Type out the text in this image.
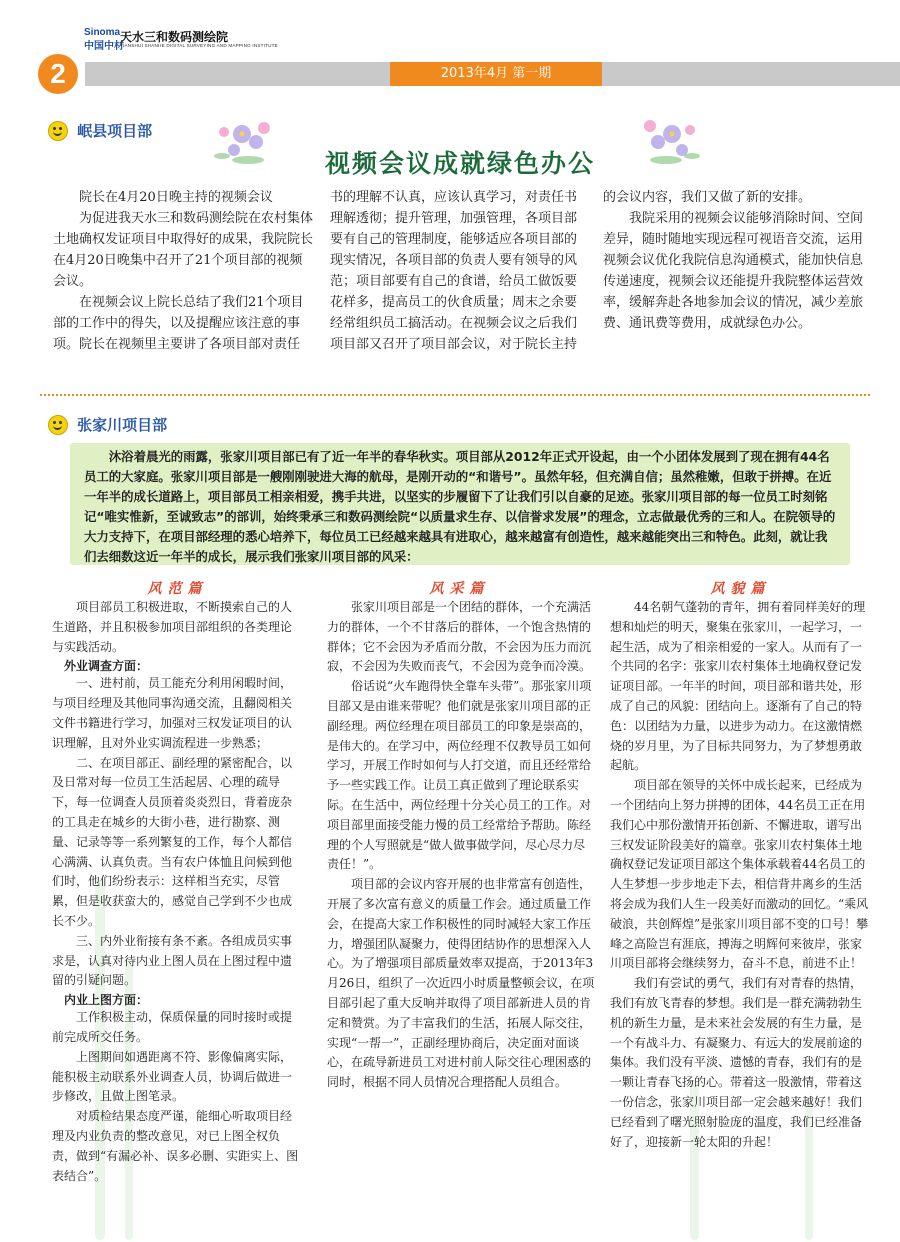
Sinoma
中国中材
天水三和数码测绘院
TIANSHUI SHANHE DIGITAL SURVEYING AND MAPPING INSTITUTE
2013年4月 第一期
2
岷县项目部
视频会议成就绿色办公

院长在4月20日晚主持的视频会议

为促进我天水三和数码测绘院在农村集体土地确权发证项目中取得好的成果，我院院长在4月20日晚集中召开了21个项目部的视频会议。

在视频会议上院长总结了我们21个项目部的工作中的得失，以及提醒应该注意的事项。院长在视频里主要讲了各项目部对责任

书的理解不认真，应该认真学习，对责任书理解透彻；提升管理，加强管理，各项目部要有自己的管理制度，能够适应各项目部的现实情况，各项目部的负责人要有领导的风范；项目部要有自己的食谱，给员工做饭要花样多，提高员工的伙食质量；周末之余要经常组织员工搞活动。在视频会议之后我们项目部又召开了项目部会议，对于院长主持

的会议内容，我们又做了新的安排。

我院采用的视频会议能够消除时间、空间差异，随时随地实现远程可视语音交流，运用视频会议优化我院信息沟通模式，能加快信息传递速度，视频会议还能提升我院整体运营效率，缓解奔赴各地参加会议的情况，减少差旅费、通讯费等费用，成就绿色办公。

张家川项目部

沐浴着晨光的雨露，张家川项目部已有了近一年半的春华秋实。项目部从2012年正式开设起，由一个小团体发展到了现在拥有44名员工的大家庭。张家川项目部是一艘刚刚驶进大海的航母，是刚开动的“和谐号”。虽然年轻，但充满自信；虽然稚嫩，但敢于拼搏。在近一年半的成长道路上，项目部员工相亲相爱，携手共进，以坚实的步履留下了让我们引以自豪的足迹。张家川项目部的每一位员工时刻铭记“唯实惟新，至诚致志”的部训，始终秉承三和数码测绘院“以质量求生存、以信誉求发展”的理念，立志做最优秀的三和人。在院领导的大力支持下，在项目部经理的悉心培养下，每位员工已经越来越具有进取心，越来越富有创造性，越来越能突出三和特色。此刻，就让我们去细数这近一年半的成长，展示我们张家川项目部的风采：

风范篇	风采篇	风貌篇

项目部员工积极进取，不断摸索自己的人生道路，并且积极参加项目部组织的各类理论与实践活动。

外业调查方面：

一、进村前，员工能充分利用闲暇时间，与项目经理及其他同事沟通交流，且翻阅相关文件书籍进行学习，加强对三权发证项目的认识理解，且对外业实调流程进一步熟悉；

二、在项目部正、副经理的紧密配合，以及日常对每一位员工生活起居、心理的疏导下，每一位调查人员顶着炎炎烈日，背着庞杂的工具走在城乡的大街小巷，进行勘察、测量、记录等等一系列繁复的工作，每个人都信心满满、认真负责。当有农户体恤且问候到他们时，他们纷纷表示：这样相当充实，尽管累，但是收获蛮大的，感觉自己学到不少也成长不少。

三、内外业衔接有条不紊。各组成员实事求是，认真对待内业上图人员在上图过程中遗留的引疑问题。

内业上图方面：

工作积极主动，保质保量的同时接时或提前完成所交任务。

上图期间如遇距离不符、影像偏离实际，能积极主动联系外业调查人员，协调后做进一步修改，且做上图笔录。

对质检结果态度严谨，能细心听取项目经理及内业负责的整改意见，对已上图全权负责，做到“有漏必补、误多必删、实距实上、图表结合”。

张家川项目部是一个团结的群体，一个充满活力的群体，一个不甘落后的群体，一个饱含热情的群体；它不会因为矛盾而分散，不会因为压力而沉寂，不会因为失败而丧气，不会因为竞争而冷漠。

俗话说“火车跑得快全靠车头带”。那张家川项目部又是由谁来带呢？他们就是张家川项目部的正副经理。两位经理在项目部员工的印象是崇高的，是伟大的。在学习中，两位经理不仅教导员工如何学习，开展工作时如何与人打交道，而且还经常给予一些实践工作。让员工真正做到了理论联系实际。在生活中，两位经理十分关心员工的工作。对项目部里面接受能力慢的员工经常给予帮助。陈经理的个人写照就是“做人做事做学问，尽心尽力尽责任！”。

项目部的会议内容开展的也非常富有创造性，开展了多次富有意义的质量工作会。通过质量工作会，在提高大家工作积极性的同时减轻大家工作压力，增强团队凝聚力，使得团结协作的思想深入人心。为了增强项目部质量效率双提高，于2013年3月26日，组织了一次近四小时质量整顿会议，在项目部引起了重大反响并取得了项目部新进人员的肯定和赞赏。为了丰富我们的生活，拓展人际交往，实现“一帮一”，正副经理协商后，决定面对面谈心，在疏导新进员工对进村前人际交往心理困惑的同时，根据不同人员情况合理搭配人员组合。

44名朝气蓬勃的青年，拥有着同样美好的理想和灿烂的明天，聚集在张家川，一起学习，一起生活，成为了相亲相爱的一家人。从而有了一个共同的名字：张家川农村集体土地确权登记发证项目部。一年半的时间，项目部和谐共处，形成了自己的风貌：团结向上。逐渐有了自己的特色：以团结为力量，以进步为动力。在这激情燃烧的岁月里，为了目标共同努力，为了梦想勇敢起航。

项目部在领导的关怀中成长起来，已经成为一个团结向上努力拼搏的团体，44名员工正在用我们心中那份激情开拓创新、不懈进取，谱写出三权发证阶段美好的篇章。张家川农村集体土地确权登记发证项目部这个集体承载着44名员工的人生梦想一步步地走下去，相信背井离乡的生活将会成为我们人生一段美好而激动的回忆。“乘风破浪，共创辉煌”是张家川项目部不变的口号！攀峰之高险岂有涯底，搏海之明辉何来彼岸，张家川项目部将会继续努力，奋斗不息，前进不止！

我们有尝试的勇气，我们有对青春的热情，我们有放飞青春的梦想。我们是一群充满勃勃生机的新生力量，是未来社会发展的有生力量，是一个有战斗力、有凝聚力、有远大的发展前途的集体。我们没有平淡、遗憾的青春，我们有的是一颗让青春飞扬的心。带着这一股激情，带着这一份信念，张家川项目部一定会越来越好！我们已经看到了曙光照射脸庞的温度，我们已经准备好了，迎接新一轮太阳的升起！
